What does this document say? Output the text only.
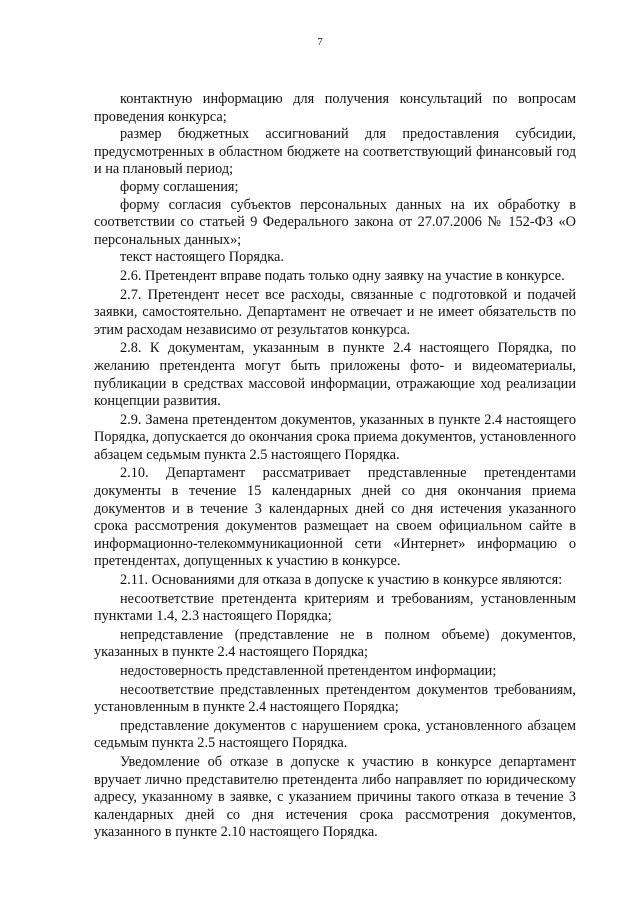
7

контактную информацию для получения консультаций по вопросам проведения конкурса;

размер бюджетных ассигнований для предоставления субсидии, предусмотренных в областном бюджете на соответствующий финансовый год и на плановый период;

форму соглашения;

форму согласия субъектов персональных данных на их обработку в соответствии со статьей 9 Федерального закона от 27.07.2006 № 152-ФЗ «О персональных данных»;

текст настоящего Порядка.

2.6. Претендент вправе подать только одну заявку на участие в конкурсе.

2.7. Претендент несет все расходы, связанные с подготовкой и подачей заявки, самостоятельно. Департамент не отвечает и не имеет обязательств по этим расходам независимо от результатов конкурса.

2.8. К документам, указанным в пункте 2.4 настоящего Порядка, по желанию претендента могут быть приложены фото- и видеоматериалы, публикации в средствах массовой информации, отражающие ход реализации концепции развития.

2.9. Замена претендентом документов, указанных в пункте 2.4 настоящего Порядка, допускается до окончания срока приема документов, установленного абзацем седьмым пункта 2.5 настоящего Порядка.

2.10. Департамент рассматривает представленные претендентами документы в течение 15 календарных дней со дня окончания приема документов и в течение 3 календарных дней со дня истечения указанного срока рассмотрения документов размещает на своем официальном сайте в информационно-телекоммуникационной сети «Интернет» информацию о претендентах, допущенных к участию в конкурсе.

2.11. Основаниями для отказа в допуске к участию в конкурсе являются:

несоответствие претендента критериям и требованиям, установленным пунктами 1.4, 2.3 настоящего Порядка;

непредставление (представление не в полном объеме) документов, указанных в пункте 2.4 настоящего Порядка;

недостоверность представленной претендентом информации;

несоответствие представленных претендентом документов требованиям, установленным в пункте 2.4 настоящего Порядка;

представление документов с нарушением срока, установленного абзацем седьмым пункта 2.5 настоящего Порядка.

Уведомление об отказе в допуске к участию в конкурсе департамент вручает лично представителю претендента либо направляет по юридическому адресу, указанному в заявке, с указанием причины такого отказа в течение 3 календарных дней со дня истечения срока рассмотрения документов, указанного в пункте 2.10 настоящего Порядка.
